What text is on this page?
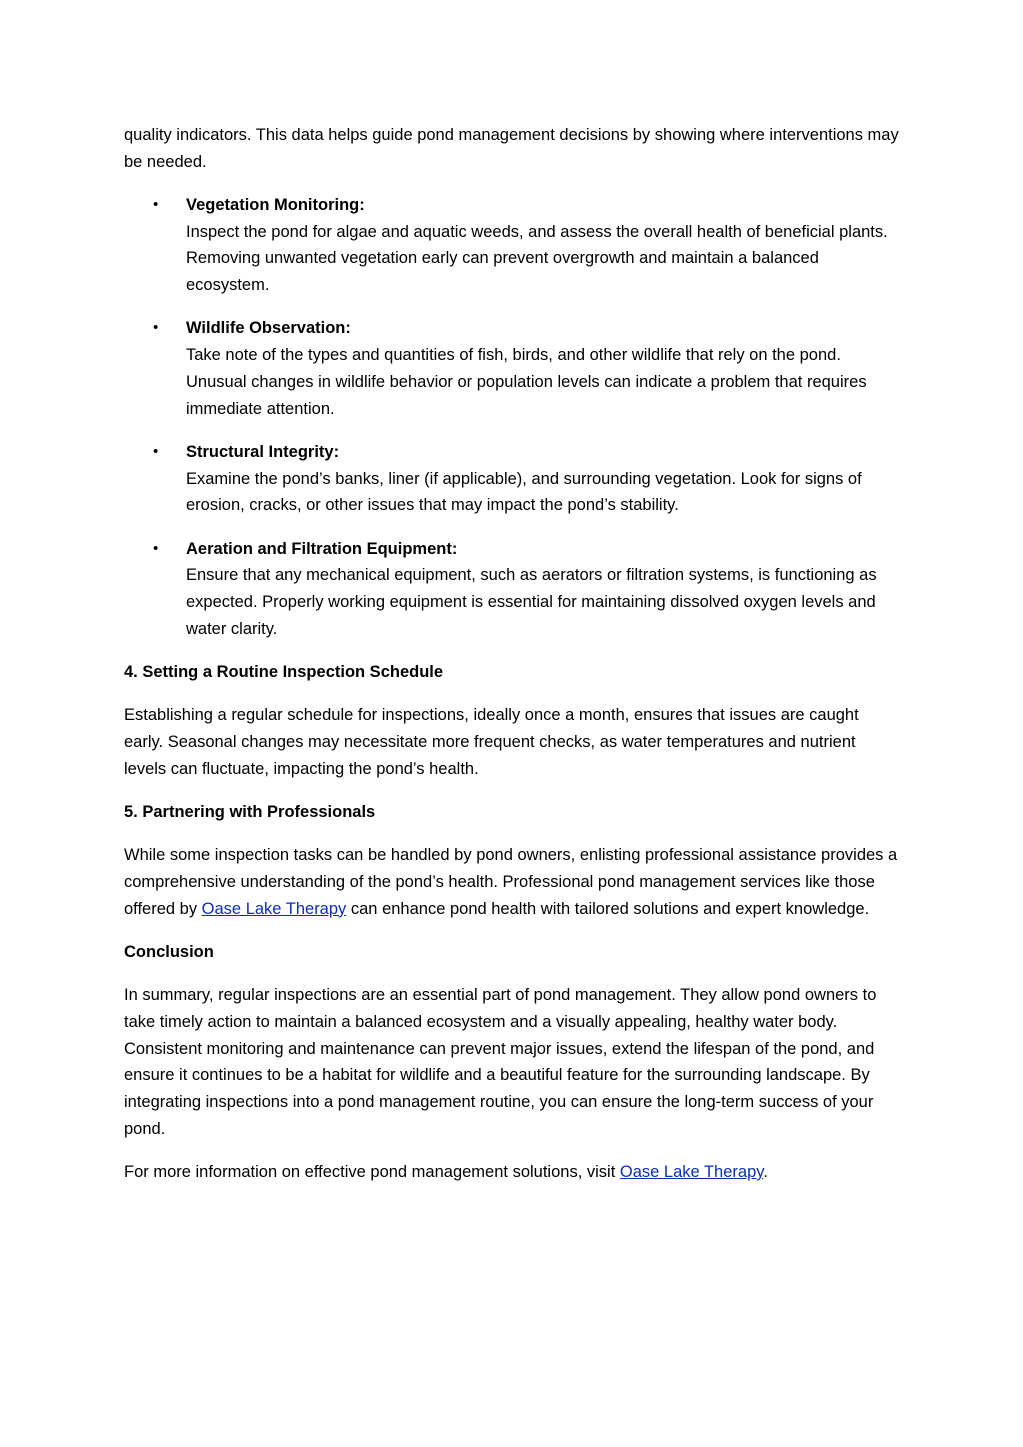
quality indicators. This data helps guide pond management decisions by showing where interventions may be needed.

• Vegetation Monitoring:
Inspect the pond for algae and aquatic weeds, and assess the overall health of beneficial plants. Removing unwanted vegetation early can prevent overgrowth and maintain a balanced ecosystem.
• Wildlife Observation:
Take note of the types and quantities of fish, birds, and other wildlife that rely on the pond. Unusual changes in wildlife behavior or population levels can indicate a problem that requires immediate attention.
• Structural Integrity:
Examine the pond’s banks, liner (if applicable), and surrounding vegetation. Look for signs of erosion, cracks, or other issues that may impact the pond’s stability.
• Aeration and Filtration Equipment:
Ensure that any mechanical equipment, such as aerators or filtration systems, is functioning as expected. Properly working equipment is essential for maintaining dissolved oxygen levels and water clarity.

4. Setting a Routine Inspection Schedule

Establishing a regular schedule for inspections, ideally once a month, ensures that issues are caught early. Seasonal changes may necessitate more frequent checks, as water temperatures and nutrient levels can fluctuate, impacting the pond’s health.

5. Partnering with Professionals

While some inspection tasks can be handled by pond owners, enlisting professional assistance provides a comprehensive understanding of the pond’s health. Professional pond management services like those offered by Oase Lake Therapy can enhance pond health with tailored solutions and expert knowledge.

Conclusion

In summary, regular inspections are an essential part of pond management. They allow pond owners to take timely action to maintain a balanced ecosystem and a visually appealing, healthy water body. Consistent monitoring and maintenance can prevent major issues, extend the lifespan of the pond, and ensure it continues to be a habitat for wildlife and a beautiful feature for the surrounding landscape. By integrating inspections into a pond management routine, you can ensure the long-term success of your pond.

For more information on effective pond management solutions, visit Oase Lake Therapy.
